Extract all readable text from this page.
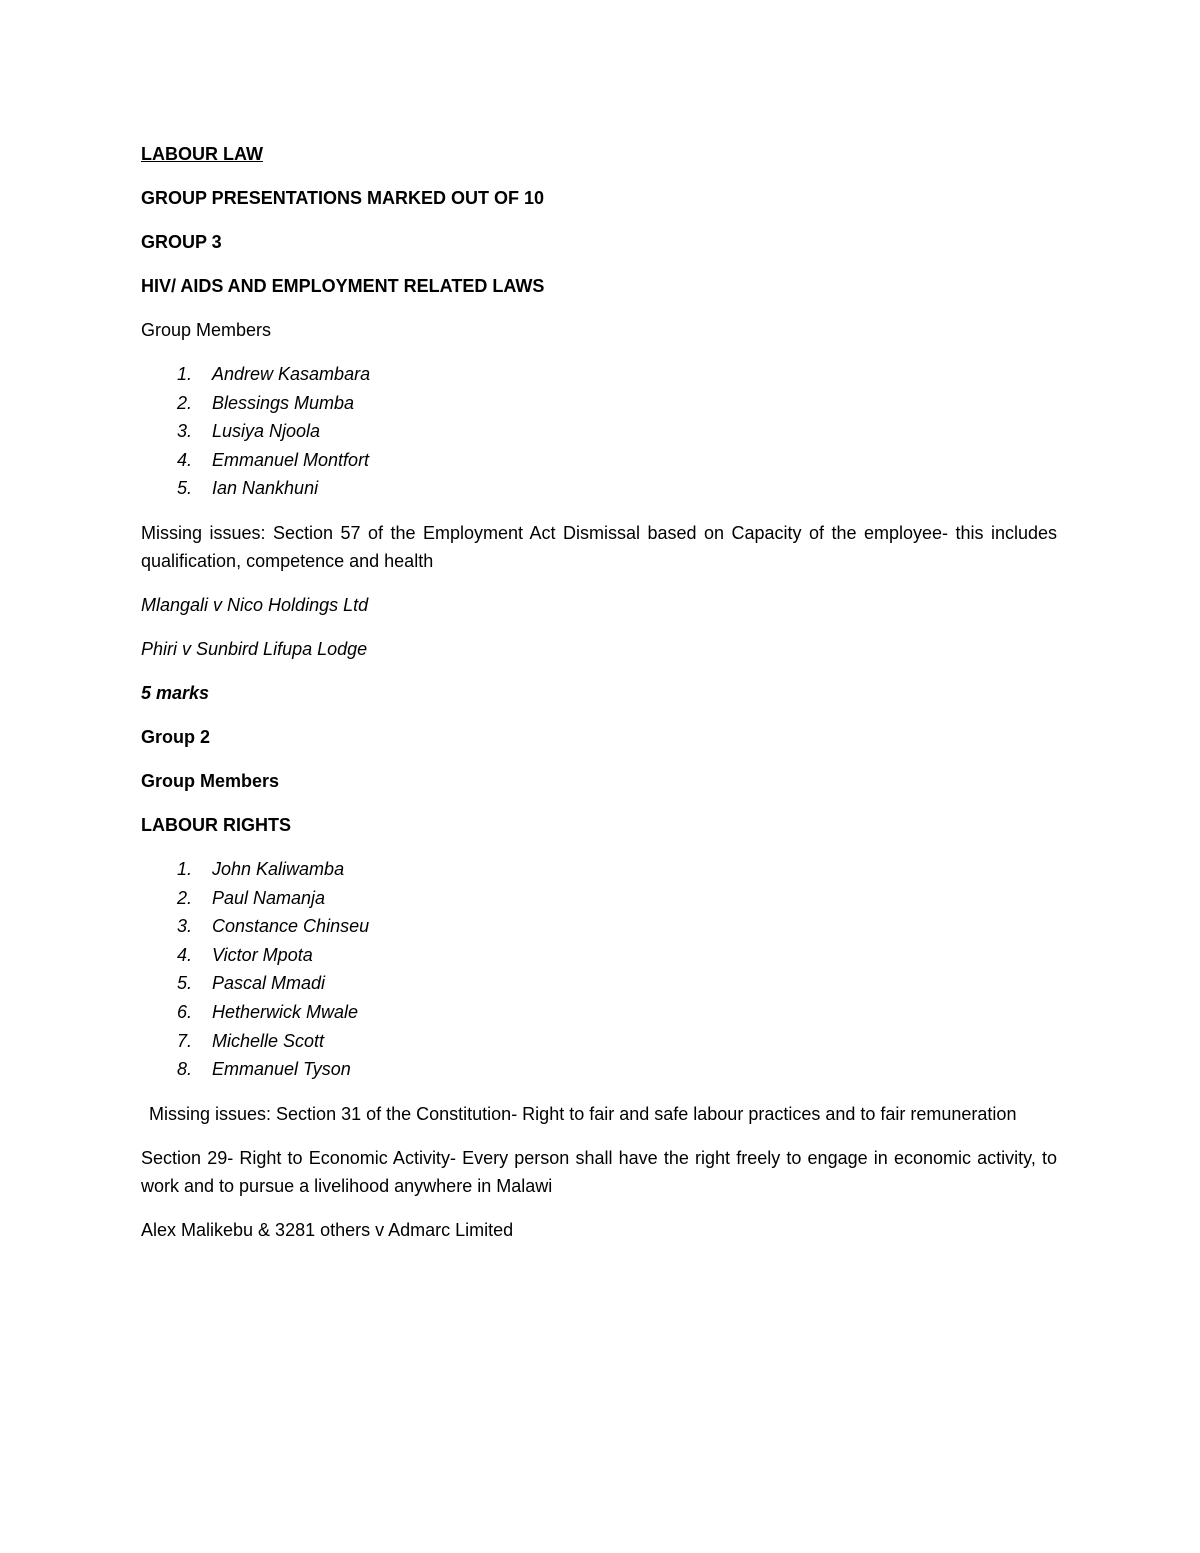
LABOUR LAW

GROUP PRESENTATIONS MARKED OUT OF 10

GROUP 3

HIV/ AIDS AND EMPLOYMENT RELATED LAWS

Group Members

1. Andrew Kasambara
2. Blessings Mumba
3. Lusiya Njoola
4. Emmanuel Montfort
5. Ian Nankhuni

Missing issues: Section 57 of the Employment Act Dismissal based on Capacity of the employee- this includes qualification, competence and health

Mlangali v Nico Holdings Ltd

Phiri v Sunbird Lifupa Lodge

5 marks

Group 2

Group Members

LABOUR RIGHTS

1. John Kaliwamba
2. Paul Namanja
3. Constance Chinseu
4. Victor Mpota
5. Pascal Mmadi
6. Hetherwick Mwale
7. Michelle Scott
8. Emmanuel Tyson

Missing issues: Section 31 of the Constitution- Right to fair and safe labour practices and to fair remuneration

Section 29- Right to Economic Activity- Every person shall have the right freely to engage in economic activity, to work and to pursue a livelihood anywhere in Malawi

Alex Malikebu & 3281 others v Admarc Limited
